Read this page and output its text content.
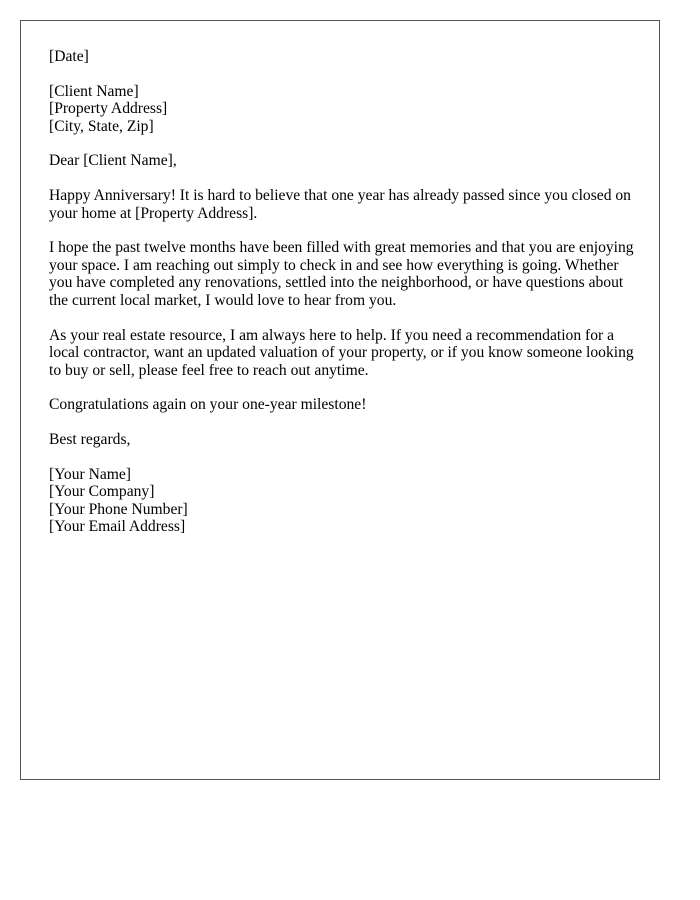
[Date]
[Client Name]
[Property Address]
[City, State, Zip]
Dear [Client Name],

Happy Anniversary! It is hard to believe that one year has already passed since you closed on your home at [Property Address].

I hope the past twelve months have been filled with great memories and that you are enjoying your space. I am reaching out simply to check in and see how everything is going. Whether you have completed any renovations, settled into the neighborhood, or have questions about the current local market, I would love to hear from you.

As your real estate resource, I am always here to help. If you need a recommendation for a local contractor, want an updated valuation of your property, or if you know someone looking to buy or sell, please feel free to reach out anytime.

Congratulations again on your one-year milestone!

Best regards,
[Your Name]
[Your Company]
[Your Phone Number]
[Your Email Address]
